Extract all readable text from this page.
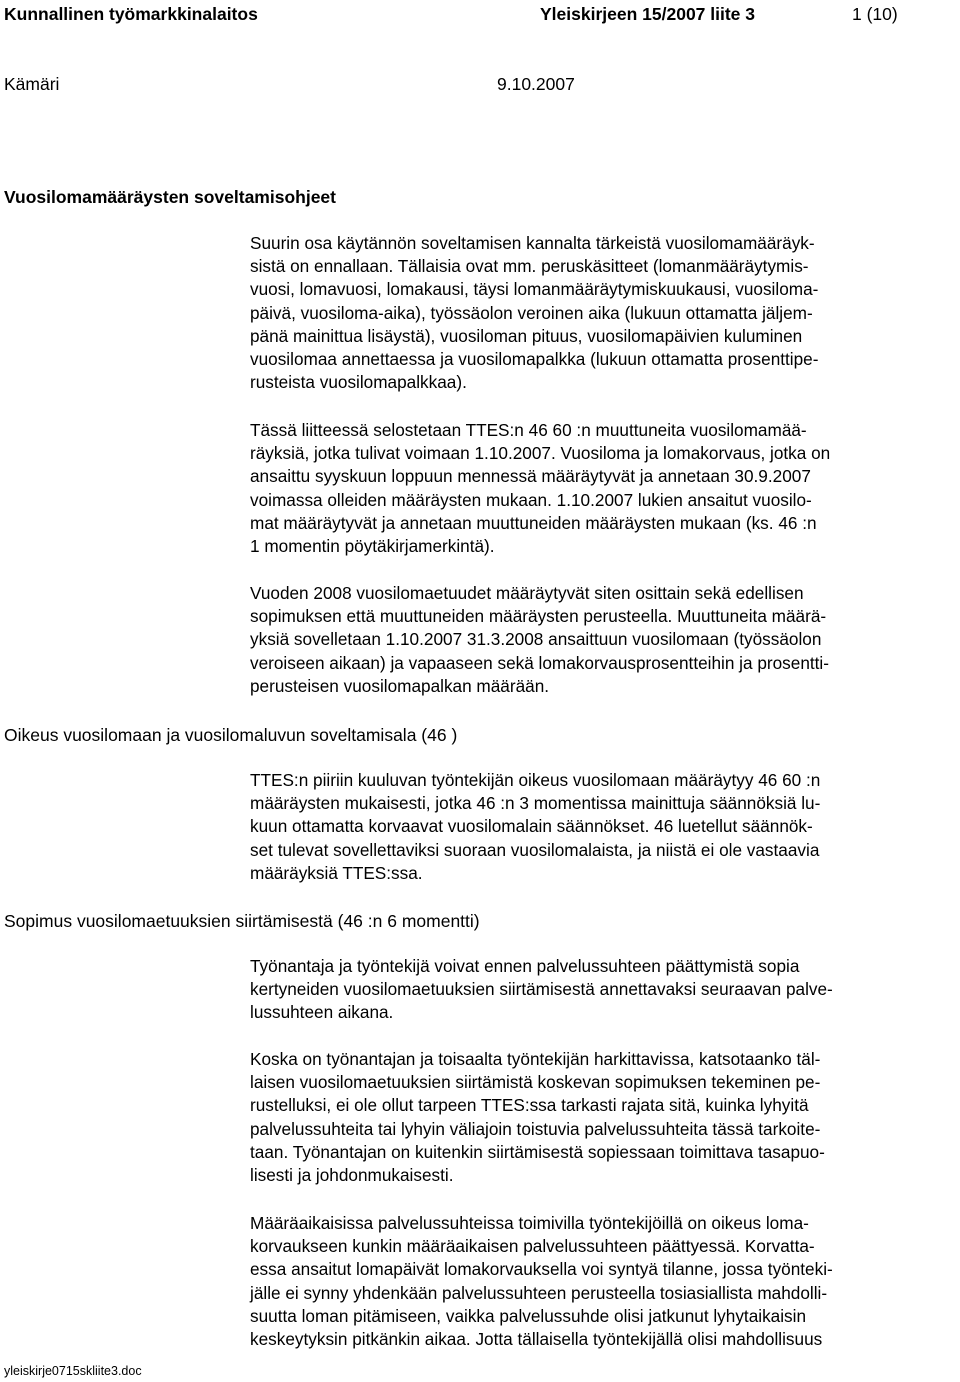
Kunnallinen työmarkkinalaitos	Yleiskirjeen 15/2007 liite 3	1 (10)
Kämäri	9.10.2007
Vuosilomamääräysten soveltamisohjeet
Suurin osa käytännön soveltamisen kannalta tärkeistä vuosilomamääräyk-
sistä on ennallaan. Tällaisia ovat mm. peruskäsitteet (lomanmääräytymis-
vuosi, lomavuosi, lomakausi, täysi lomanmääräytymiskuukausi, vuosiloma-
päivä, vuosiloma-aika), työssäolon veroinen aika (lukuun ottamatta jäljem-
pänä mainittua lisäystä), vuosiloman pituus, vuosilomapäivien kuluminen
vuosilomaa annettaessa ja vuosilomapalkka (lukuun ottamatta prosenttipe-
rusteista vuosilomapalkkaa).
Tässä liitteessä selostetaan TTES:n 46 60 :n muuttuneita vuosilomamää-
räyksiä, jotka tulivat voimaan 1.10.2007. Vuosiloma ja lomakorvaus, jotka on
ansaittu syyskuun loppuun mennessä määräytyvät ja annetaan 30.9.2007
voimassa olleiden määräysten mukaan. 1.10.2007 lukien ansaitut vuosilo-
mat määräytyvät ja annetaan muuttuneiden määräysten mukaan (ks. 46 :n
1 momentin pöytäkirjamerkintä).
Vuoden 2008 vuosilomaetuudet määräytyvät siten osittain sekä edellisen
sopimuksen että muuttuneiden määräysten perusteella. Muuttuneita määrä-
yksiä sovelletaan 1.10.2007 31.3.2008 ansaittuun vuosilomaan (työssäolon
veroiseen aikaan) ja vapaaseen sekä lomakorvausprosentteihin ja prosentti-
perusteisen vuosilomapalkan määrään.
Oikeus vuosilomaan ja vuosilomaluvun soveltamisala (46 )
TTES:n piiriin kuuluvan työntekijän oikeus vuosilomaan määräytyy 46 60 :n
määräysten mukaisesti, jotka 46 :n 3 momentissa mainittuja säännöksiä lu-
kuun ottamatta korvaavat vuosilomalain säännökset. 46 luetellut säännök-
set tulevat sovellettaviksi suoraan vuosilomalaista, ja niistä ei ole vastaavia
määräyksiä TTES:ssa.
Sopimus vuosilomaetuuksien siirtämisestä (46 :n 6 momentti)
Työnantaja ja työntekijä voivat ennen palvelussuhteen päättymistä sopia
kertyneiden vuosilomaetuuksien siirtämisestä annettavaksi seuraavan palve-
lussuhteen aikana.
Koska on työnantajan ja toisaalta työntekijän harkittavissa, katsotaanko täl-
laisen vuosilomaetuuksien siirtämistä koskevan sopimuksen tekeminen pe-
rustelluksi, ei ole ollut tarpeen TTES:ssa tarkasti rajata sitä, kuinka lyhyitä
palvelussuhteita tai lyhyin väliajoin toistuvia palvelussuhteita tässä tarkoite-
taan. Työnantajan on kuitenkin siirtämisestä sopiessaan toimittava tasapuo-
lisesti ja johdonmukaisesti.
Määräaikaisissa palvelussuhteissa toimivilla työntekijöillä on oikeus loma-
korvaukseen kunkin määräaikaisen palvelussuhteen päättyessä. Korvatta-
essa ansaitut lomapäivät lomakorvauksella voi syntyä tilanne, jossa työnteki-
jälle ei synny yhdenkään palvelussuhteen perusteella tosiasiallista mahdolli-
suutta loman pitämiseen, vaikka palvelussuhde olisi jatkunut lyhytaikaisin
keskeytyksin pitkänkin aikaa. Jotta tällaisella työntekijällä olisi mahdollisuus
yleiskirje0715skliite3.doc
